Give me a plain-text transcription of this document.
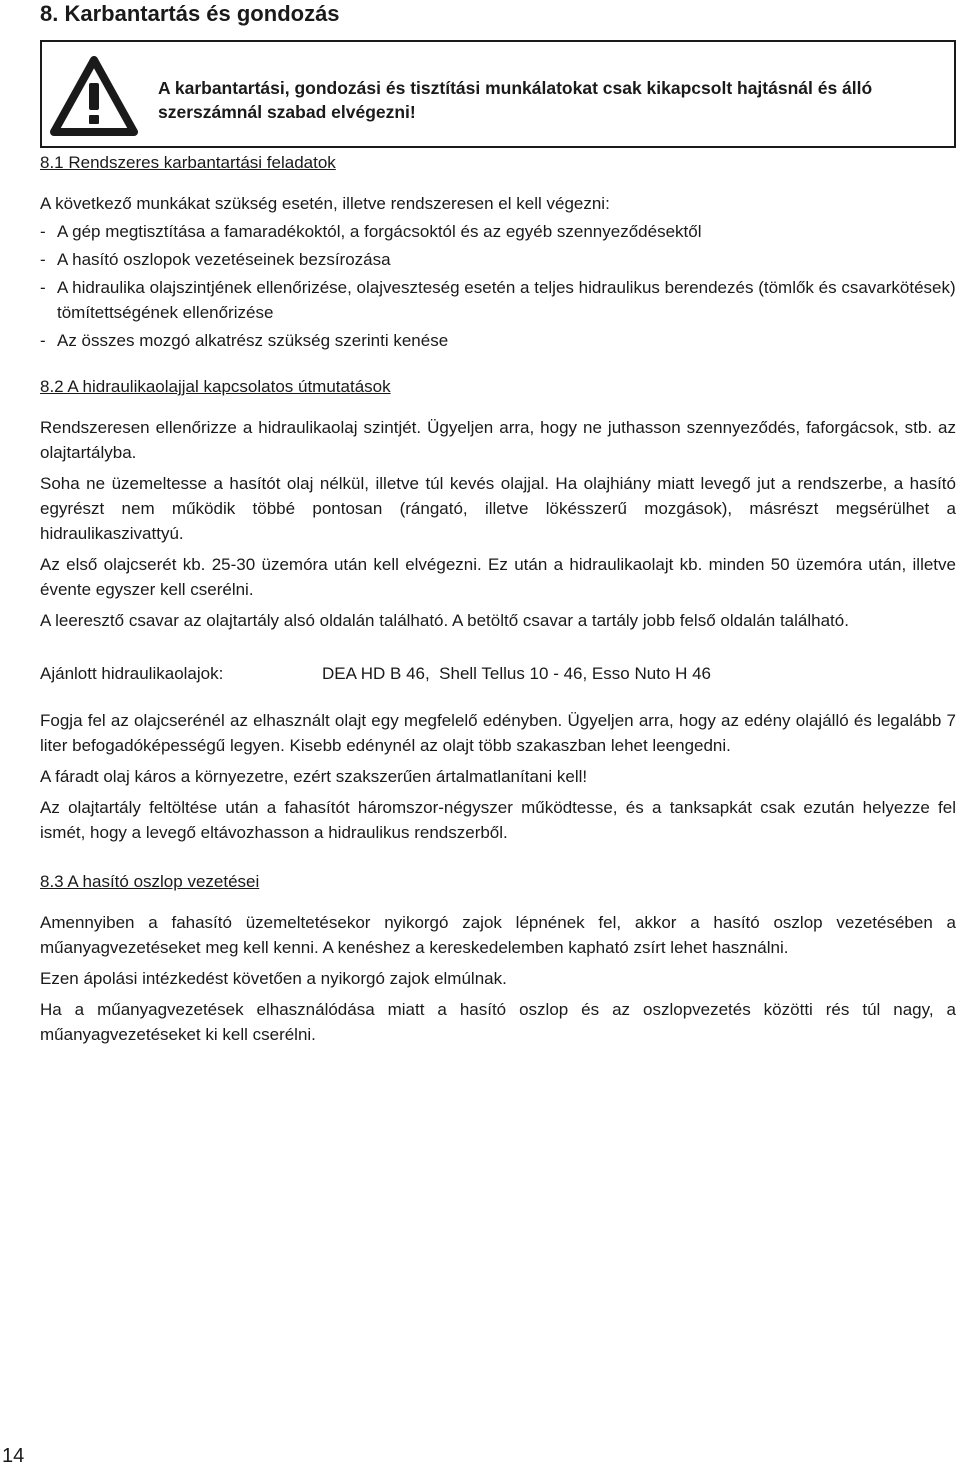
8. Karbantartás és gondozás
A karbantartási, gondozási és tisztítási munkálatokat csak kikapcsolt hajtásnál és álló szerszámnál szabad elvégezni!

8.1 Rendszeres karbantartási feladatok

A következő munkákat szükség esetén, illetve rendszeresen el kell végezni:

- A gép megtisztítása a famaradékoktól, a forgácsoktól és az egyéb szennyeződésektől
- A hasító oszlopok vezetéseinek bezsírozása
- A hidraulika olajszintjének ellenőrizése, olajveszteség esetén a teljes hidraulikus berendezés (tömlők és csavarkötések) tömítettségének ellenőrizése
- Az összes mozgó alkatrész szükség szerinti kenése

8.2 A hidraulikaolajjal kapcsolatos útmutatások

Rendszeresen ellenőrizze a hidraulikaolaj szintjét. Ügyeljen arra, hogy ne juthasson szennyeződés, faforgácsok, stb. az olajtartályba.

Soha ne üzemeltesse a hasítót olaj nélkül, illetve túl kevés olajjal. Ha olajhiány miatt levegő jut a rendszerbe, a hasító egyrészt nem működik többé pontosan (rángató, illetve lökésszerű mozgások), másrészt megsérülhet a hidraulikaszivattyú.

Az első olajcserét kb. 25-30 üzemóra után kell elvégezni. Ez után a hidraulikaolajt kb. minden 50 üzemóra után, illetve évente egyszer kell cserélni.

A leeresztő csavar az olajtartály alsó oldalán található. A betöltő csavar a tartály jobb felső oldalán található.

Ajánlott hidraulikaolajok:	DEA HD B 46,  Shell Tellus 10 - 46, Esso Nuto H 46

Fogja fel az olajcserénél az elhasznált olajt egy megfelelő edényben. Ügyeljen arra, hogy az edény olajálló és legalább 7 liter befogadóképességű legyen. Kisebb edénynél az olajt több szakaszban lehet leengedni.

A fáradt olaj káros a környezetre, ezért szakszerűen ártalmatlanítani kell!

Az olajtartály feltöltése után a fahasítót háromszor-négyszer működtesse, és a tanksapkát csak ezután helyezze fel ismét, hogy a levegő eltávozhasson a hidraulikus rendszerből.

8.3 A hasító oszlop vezetései

Amennyiben a fahasító üzemeltetésekor nyikorgó zajok lépnének fel, akkor a hasító oszlop vezetésében a műanyagvezetéseket meg kell kenni. A kenéshez a kereskedelemben kapható zsírt lehet használni.

Ezen ápolási intézkedést követően a nyikorgó zajok elmúlnak.

Ha a műanyagvezetések elhasználódása miatt a hasító oszlop és az oszlopvezetés közötti rés túl nagy, a műanyagvezetéseket ki kell cserélni.

14
